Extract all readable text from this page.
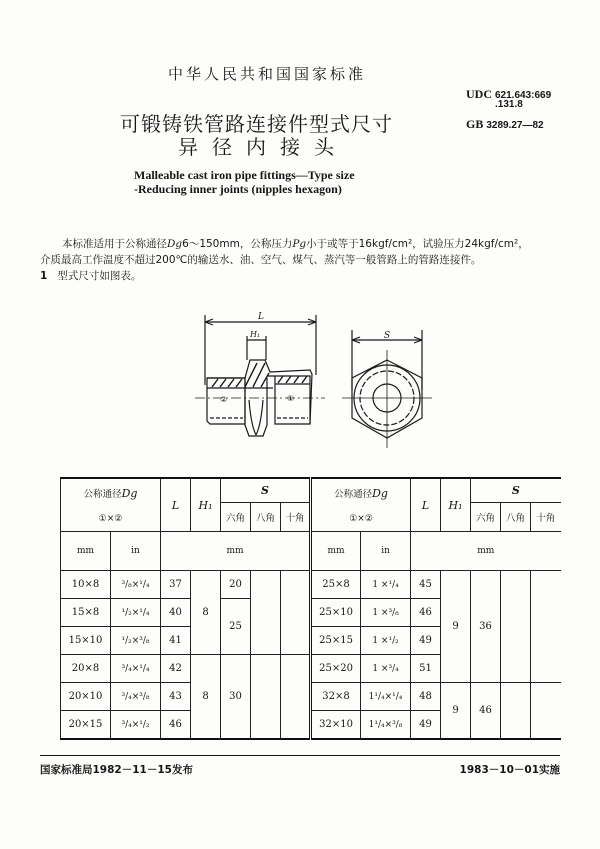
中华人民共和国国家标准
可锻铸铁管路连接件型式尺寸
异径内接头
Malleable cast iron pipe fittings—Type size
-Reducing inner joints (nipples hexagon)
UDC 621.643:669
.131.8
GB 3289.27—82
本标准适用于公称通径Dg6～150mm，公称压力Pg小于或等于16kgf/cm²，试验压力24kgf/cm²，
介质最高工作温度不超过200℃的输送水、油、空气、煤气、蒸汽等一般管路上的管路连接件。
1 型式尺寸如图表。
L
H₁
②	①
S
公称通径Dg
①×②
	L	H₁	S	公称通径Dg
①×②
	L	H₁	S
				六角	八角	十角					六角	八角	十角
mm	in	mm					mm	in	mm				
10×8	³/₈×¹/₄	37	8	20			25×8	1 ×¹/₄	45	9	36		
15×8	¹/₂×¹/₄	40		25			25×10	1 ×³/₈	46				
15×10	¹/₂×³/₈	41					25×15	1 ×¹/₂	49				
20×8	³/₄×¹/₄	42	8	30			25×20	1 ×³/₄	51				
20×10	³/₄×³/₈	43					32×8	1¹/₄×¹/₄	48	9	46		
20×15	³/₄×¹/₂	46					32×10	1¹/₄×³/₈	49				
国家标准局1982－11－15发布	1983－10－01实施
